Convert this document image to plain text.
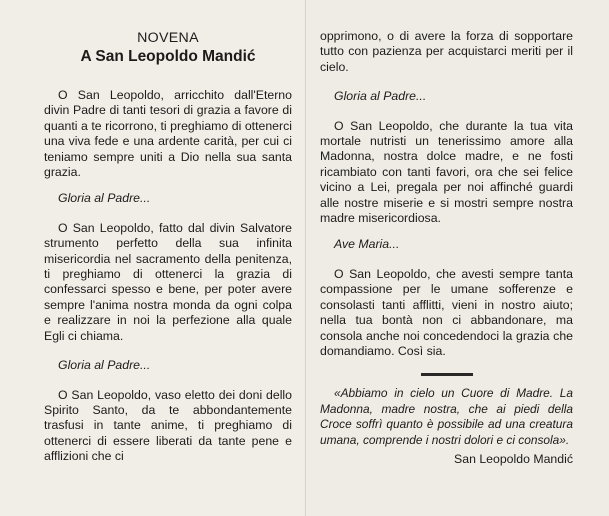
NOVENA

A San Leopoldo Mandić

O San Leopoldo, arricchito dall'Eterno divin Padre di tanti tesori di grazia a favore di quanti a te ricorrono, ti preghiamo di ottenerci una viva fede e una ardente carità, per cui ci teniamo sempre uniti a Dio nella sua santa grazia.

Gloria al Padre...

O San Leopoldo, fatto dal divin Salvatore strumento perfetto della sua infinita misericordia nel sacramento della penitenza, ti preghiamo di ottenerci la grazia di confessarci spesso e bene, per poter avere sempre l'anima nostra monda da ogni colpa e realizzare in noi la perfezione alla quale Egli ci chiama.

Gloria al Padre...

O San Leopoldo, vaso eletto dei doni dello Spirito Santo, da te abbondantemente trasfusi in tante anime, ti preghiamo di ottenerci di essere liberati da tante pene e afflizioni che ci

opprimono, o di avere la forza di sopportare tutto con pazienza per acquistarci meriti per il cielo.

Gloria al Padre...

O San Leopoldo, che durante la tua vita mortale nutristi un tenerissimo amore alla Madonna, nostra dolce madre, e ne fosti ricambiato con tanti favori, ora che sei felice vicino a Lei, pregala per noi affinché guardi alle nostre miserie e si mostri sempre nostra madre misericordiosa.

Ave Maria...

O San Leopoldo, che avesti sempre tanta compassione per le umane sofferenze e consolasti tanti afflitti, vieni in nostro aiuto; nella tua bontà non ci abbandonare, ma consola anche noi concedendoci la grazia che domandiamo. Così sia.

«Abbiamo in cielo un Cuore di Madre. La Madonna, madre nostra, che ai piedi della Croce soffrì quanto è possibile ad una creatura umana, comprende i nostri dolori e ci consola».

San Leopoldo Mandić
